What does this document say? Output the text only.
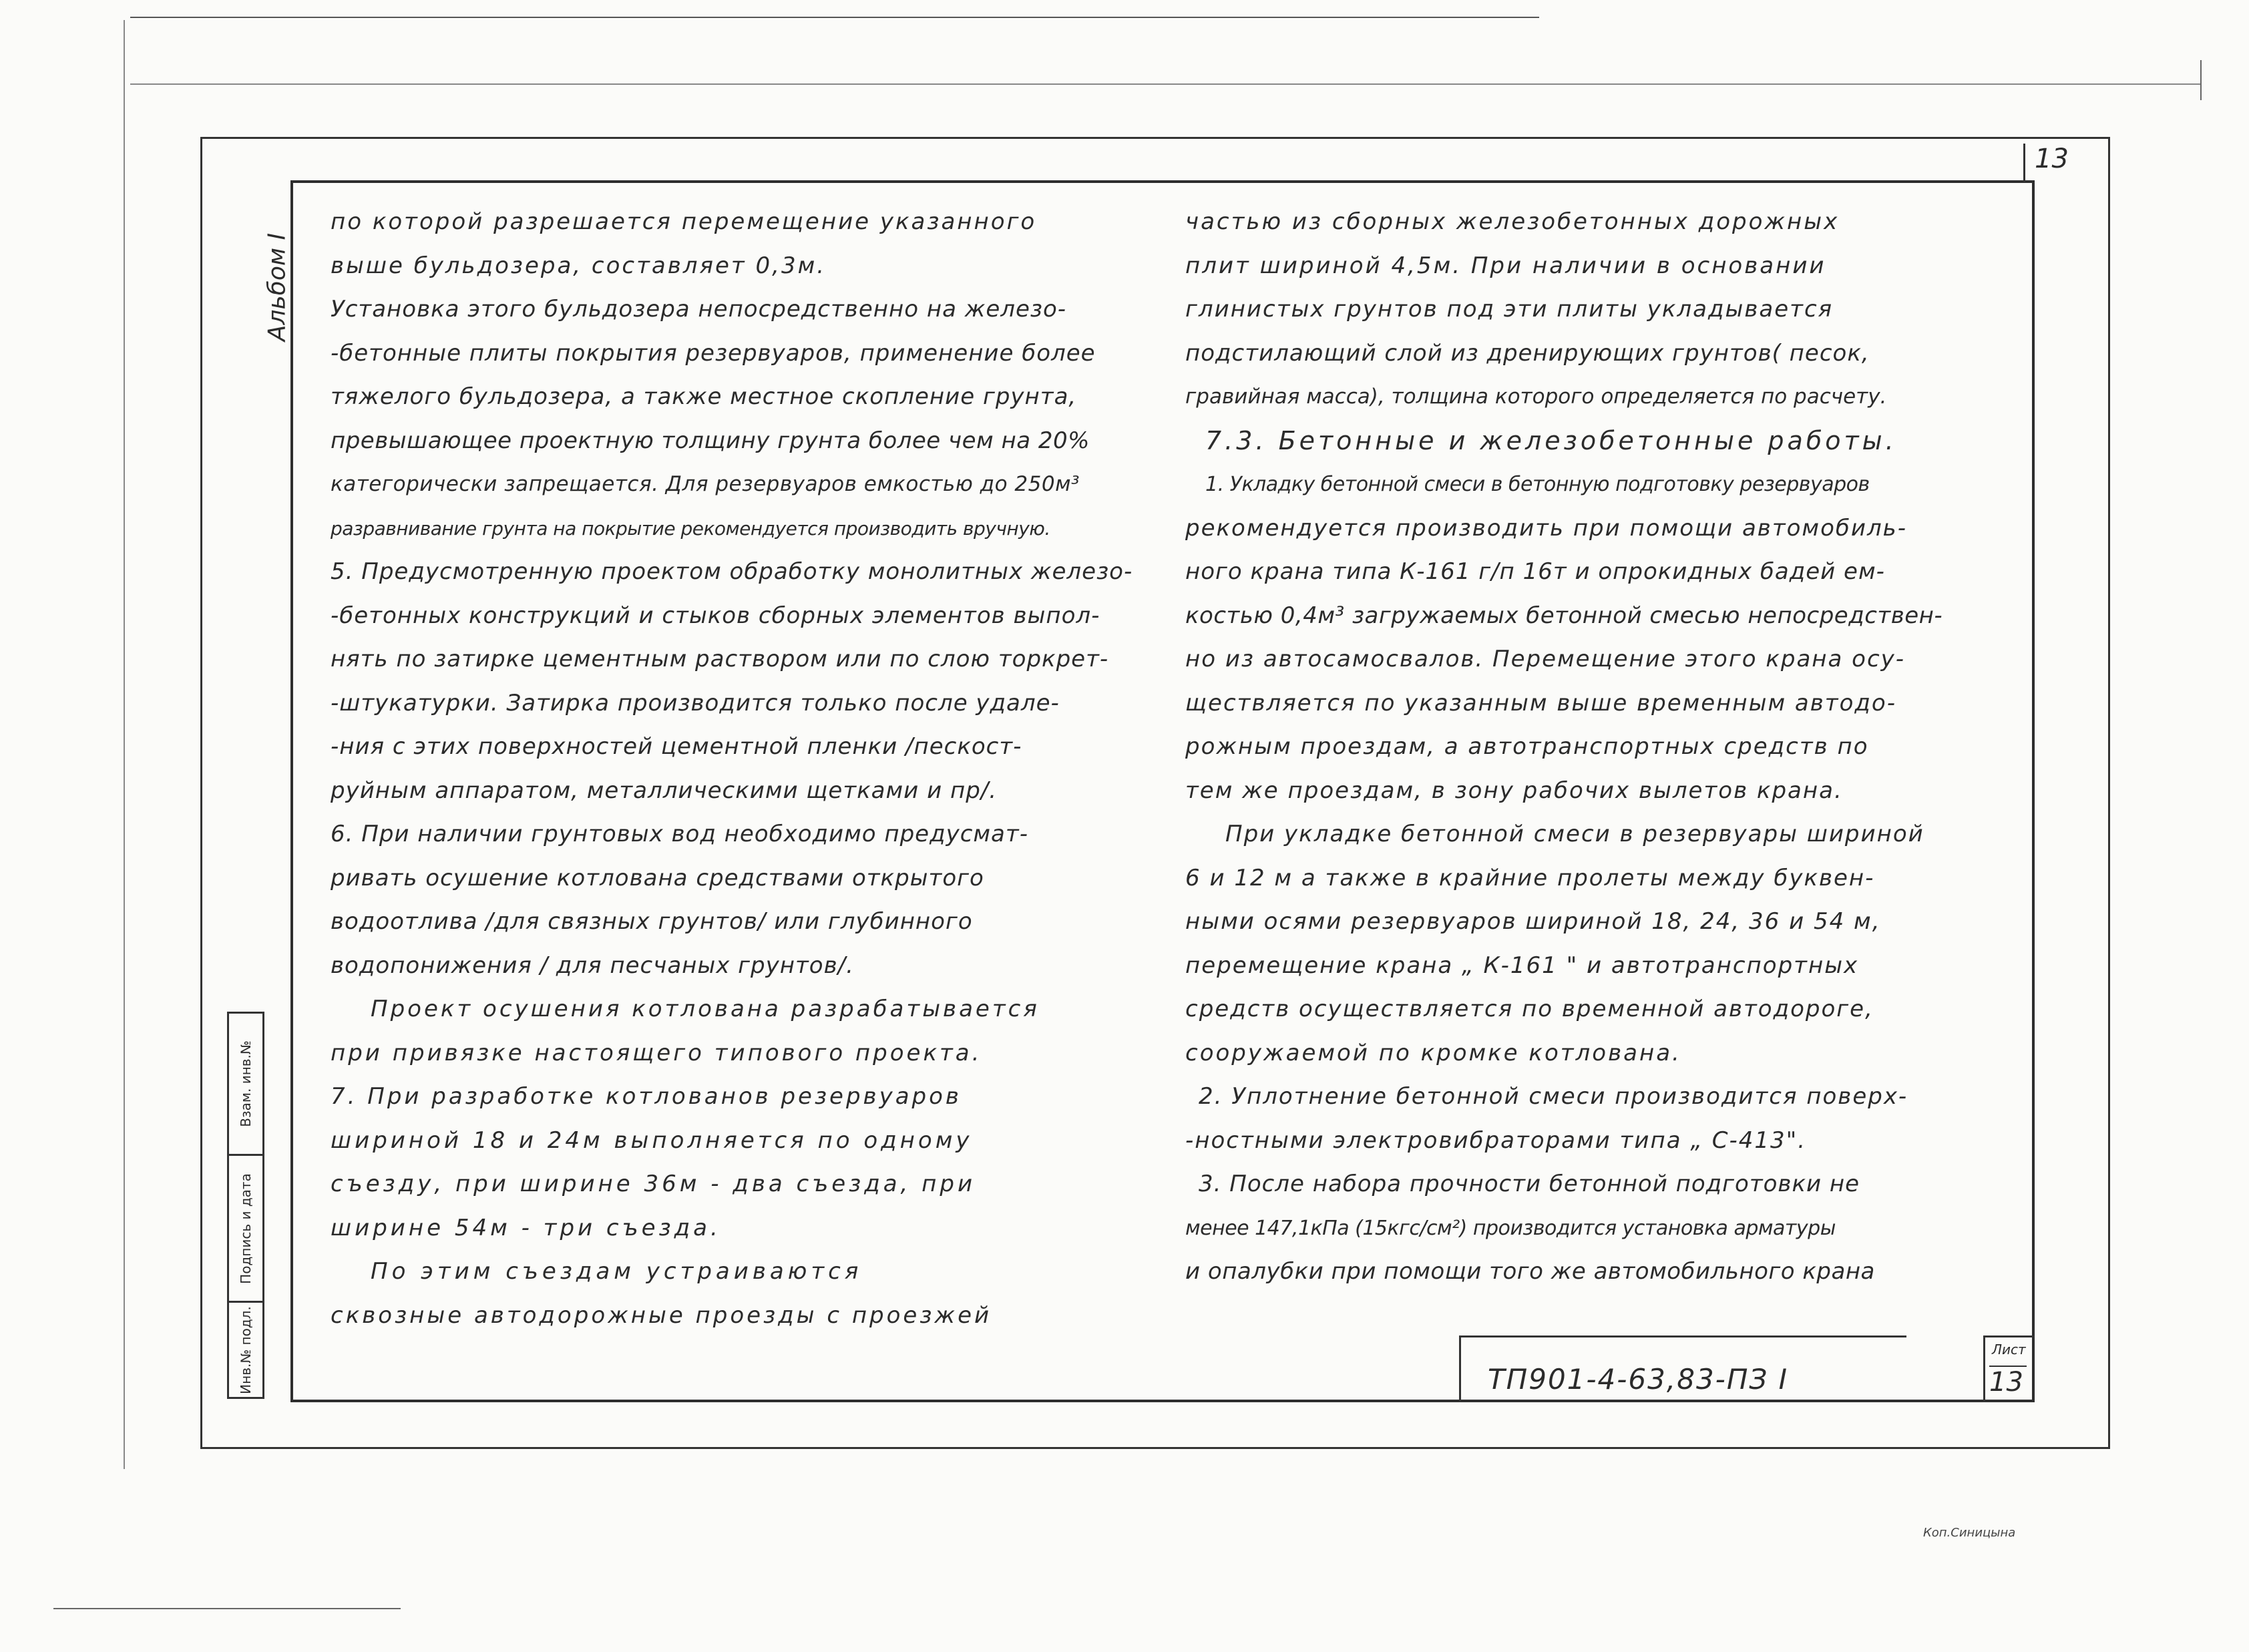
13
Альбом I
Взам. инв.№
Подпись и дата
Инв.№ подл.
по которой разрешается перемещение указанного
выше бульдозера, составляет 0,3м.
Установка этого бульдозера непосредственно на железо-
-бетонные плиты покрытия резервуаров, применение более
тяжелого бульдозера, а также местное скопление грунта,
превышающее проектную толщину грунта более чем на 20%
категорически запрещается. Для резервуаров емкостью до 250м³
разравнивание грунта на покрытие рекомендуется производить вручную.
5. Предусмотренную проектом обработку монолитных железо-
-бетонных конструкций и стыков сборных элементов выпол-
нять по затирке цементным раствором или по слою торкрет-
-штукатурки. Затирка производится только после удале-
-ния с этих поверхностей цементной пленки /пескост-
руйным аппаратом, металлическими щетками и пр/.
6. При наличии грунтовых вод необходимо предусмат-
ривать осушение котлована средствами открытого
водоотлива /для связных грунтов/ или глубинного
водопонижения / для песчаных грунтов/.
Проект осушения котлована разрабатывается
при привязке настоящего типового проекта.
7. При разработке котлованов резервуаров
шириной 18 и 24м выполняется по одному
съезду, при ширине 36м - два съезда, при
ширине 54м - три съезда.
По этим съездам устраиваются
сквозные автодорожные проезды с проезжей
частью из сборных железобетонных дорожных
плит шириной 4,5м. При наличии в основании
глинистых грунтов под эти плиты укладывается
подстилающий слой из дренирующих грунтов( песок,
гравийная масса), толщина которого определяется по расчету.
7.3. Бетонные и железобетонные работы.
1. Укладку бетонной смеси в бетонную подготовку резервуаров
рекомендуется производить при помощи автомобиль-
ного крана типа К-161 г/п 16т и опрокидных бадей ем-
костью 0,4м³ загружаемых бетонной смесью непосредствен-
но из автосамосвалов. Перемещение этого крана осу-
ществляется по указанным выше временным автодо-
рожным проездам, а автотранспортных средств по
тем же проездам, в зону рабочих вылетов крана.
При укладке бетонной смеси в резервуары шириной
6 и 12 м а также в крайние пролеты между буквен-
ными осями резервуаров шириной 18, 24, 36 и 54 м,
перемещение крана „ К-161 " и автотранспортных
средств осуществляется по временной автодороге,
сооружаемой по кромке котлована.
2. Уплотнение бетонной смеси производится поверх-
-ностными электровибраторами типа „ С-413".
3. После набора прочности бетонной подготовки не
менее 147,1кПа (15кгс/см²) производится установка арматуры
и опалубки при помощи того же автомобильного крана
ТП901-4-63,83-ПЗ I
Лист
13
Коп.Синицына
